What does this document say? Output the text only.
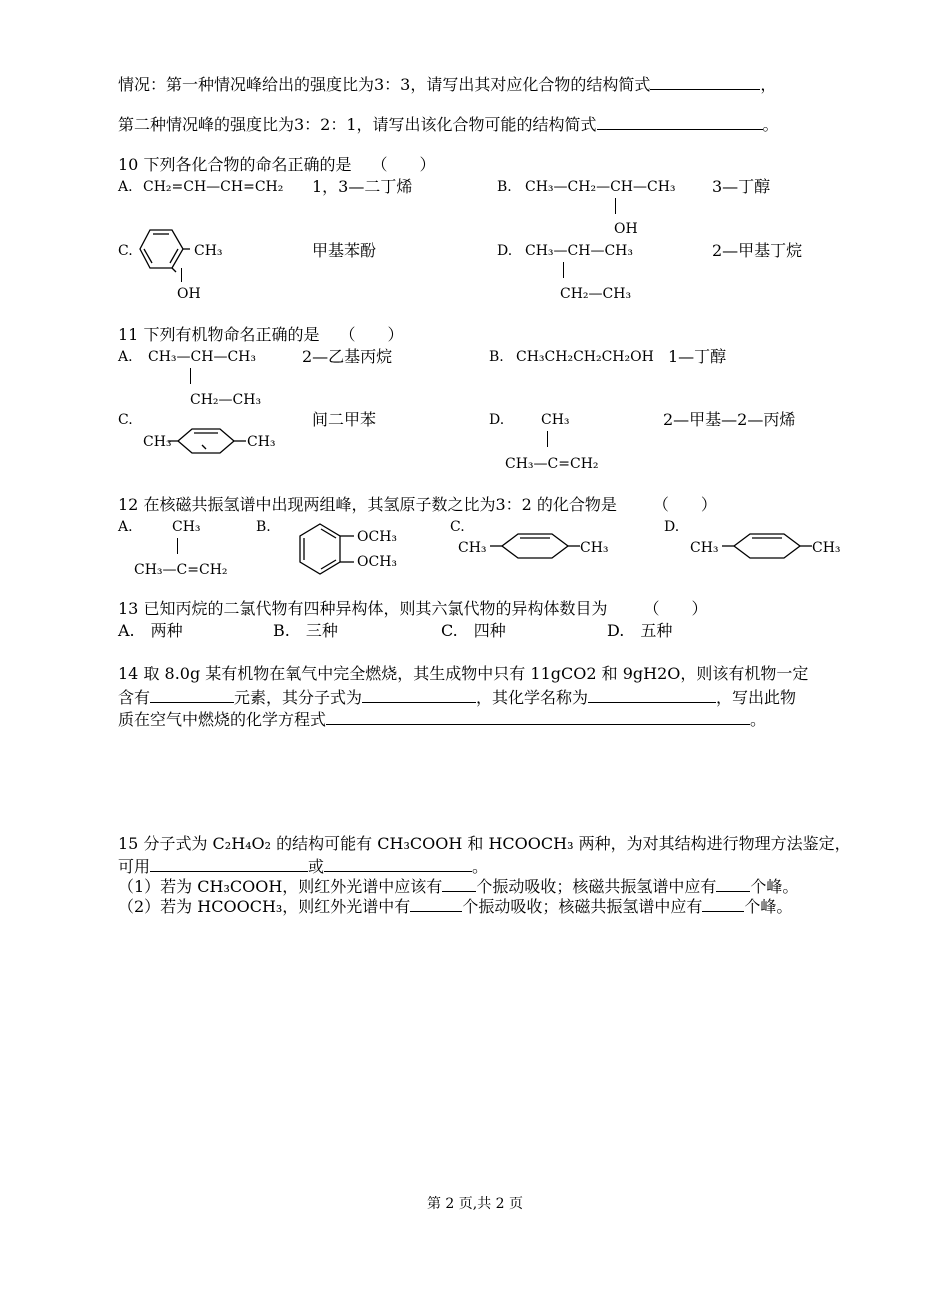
情况：第一种情况峰给出的强度比为3：3，请写出其对应化合物的结构简式	，
第二种情况峰的强度比为3：2：1，请写出该化合物可能的结构简式	。
10 下列各化合物的命名正确的是 （　　）
A. CH₂=CH—CH=CH₂ 1，3—二丁烯	B. CH₃—CH₂—CH—CH₃
OH
3—丁醇
C.	CH₃
OH
甲基苯酚	D. CH₃—CH—CH₃
CH₂—CH₃
2—甲基丁烷
11 下列有机物命名正确的是 （　　）
A. CH₃—CH—CH₃
CH₂—CH₃
2—乙基丙烷	B. CH₃CH₂CH₂CH₂OH 1—丁醇
C.
CH₃	CH₃
间二甲苯	D.	CH₃
CH₃—C=CH₂
2—甲基—2—丙烯
12 在核磁共振氢谱中出现两组峰，其氢原子数之比为3：2 的化合物是 （　　）
A.	CH₃
CH₃—C=CH₂
B.
OCH₃
OCH₃
C.
CH₃	CH₃
D.
CH₃	CH₃
13 已知丙烷的二氯代物有四种异构体，则其六氯代物的异构体数目为 （　　）
A.　两种	B.　三种	C.　四种	D.　五种
14 取 8.0g 某有机物在氧气中完全燃烧，其生成物中只有 11gCO2 和 9gH2O，则该有机物一定
含有	元素，其分子式为	，其化学名称为	，写出此物
质在空气中燃烧的化学方程式	。
15 分子式为 C₂H₄O₂ 的结构可能有 CH₃COOH 和 HCOOCH₃ 两种，为对其结构进行物理方法鉴定，
可用	或	。
（1）若为 CH₃COOH，则红外光谱中应该有 个振动吸收；核磁共振氢谱中应有 个峰。
（2）若为 HCOOCH₃，则红外光谱中有	个振动吸收；核磁共振氢谱中应有	个峰。
第 2 页,共 2 页
